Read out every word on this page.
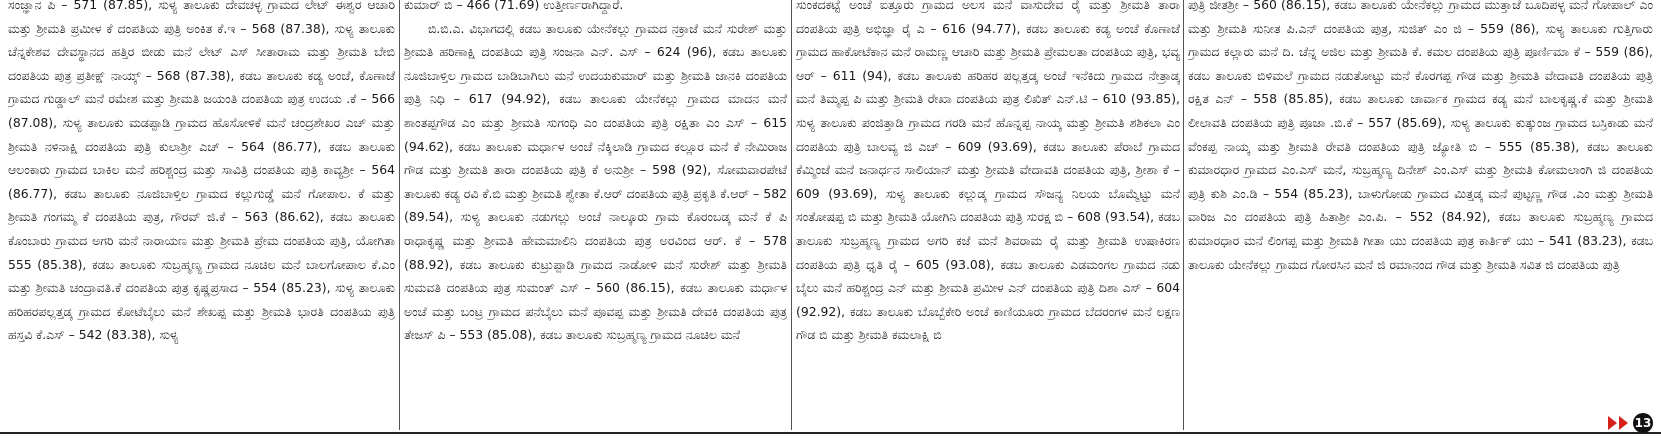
ಸಂಜ್ಞಾನ ಪಿ – 571 (87.85), ಸುಳ್ಯ ತಾಲೂಕು ದೇವಚಳ್ಳ ಗ್ರಾಮದ ಲೇಟ್ ಈಶ್ವರ ಆಚಾರಿ ಮತ್ತು ಶ್ರೀಮತಿ ಪ್ರಮೀಳ ಕೆ ದಂಪತಿಯ ಪುತ್ರಿ ಅಂಕಿತ ಕೆ.ಇ – 568 (87.38), ಸುಳ್ಯ ತಾಲೂಕು ಚೆನ್ನಕೇಶವ ದೇವಸ್ಥಾನದ ಹತ್ತಿರ ಬೀಡು ಮನೆ ಲೇಟ್ ಎಸ್ ಸೀತಾರಾಮ ಮತ್ತು ಶ್ರೀಮತಿ ಬೇಬಿ ದಂಪತಿಯ ಪುತ್ರ ಪ್ರತೀಕ್ಷ್ ನಾಯ್ಕ್ – 568 (87.38), ಕಡಬ ತಾಲೂಕು ಕಡ್ಯ ಅಂಚೆ, ಕೊಣಾಜೆ ಗ್ರಾಮದ ಗುಡ್ಡಾಲ್ ಮನೆ ರಮೇಶ ಮತ್ತು ಶ್ರೀಮತಿ ಜಯಂತಿ ದಂಪತಿಯ ಪುತ್ರ ಉದಯ .ಕೆ – 566 (87.08), ಸುಳ್ಯ ತಾಲೂಕು ಮಡಪ್ಪಾಡಿ ಗ್ರಾಮದ ಹೊಸೋಳಿಕೆ ಮನೆ ಚಂದ್ರಶೇಖರ ಎಚ್ ಮತ್ತು ಶ್ರೀಮತಿ ನಳಿನಾಕ್ಷಿ ದಂಪತಿಯ ಪುತ್ರಿ ಕುಲಾಶ್ರೀ ಎಚ್ – 564 (86.77), ಕಡಬ ತಾಲೂಕು ಆಲಂಕಾರು ಗ್ರಾಮದ ಬಾಕಿಲ ಮನೆ ಹರಿಶ್ಚಂದ್ರ ಮತ್ತು ಸಾವಿತ್ರಿ ದಂಪತಿಯ ಪುತ್ರಿ ಕಾವ್ಯಶ್ರೀ – 564 (86.77), ಕಡಬ ತಾಲೂಕು ನೂಜಿಬಾಳ್ತಿಲ ಗ್ರಾಮದ ಕಲ್ಲುಗುಡ್ಡೆ ಮನೆ ಗೋಪಾಲ. ಕೆ ಮತ್ತು ಶ್ರೀಮತಿ ಗಂಗಮ್ಮ ಕೆ ದಂಪತಿಯ ಪುತ್ರ, ಗೌರವ್ ಜಿ.ಕೆ – 563 (86.62), ಕಡಬ ತಾಲೂಕು ಕೊಂಬಾರು ಗ್ರಾಮದ ಅಗರಿ ಮನೆ ನಾರಾಯಣ ಮತ್ತು ಶ್ರೀಮತಿ ಪ್ರೇಮ ದಂಪತಿಯ ಪುತ್ರಿ, ಯೋಗಿತಾ 555 (85.38), ಕಡಬ ತಾಲೂಕು ಸುಬ್ರಹ್ಮಣ್ಯ ಗ್ರಾಮದ ನೂಚಿಲ ಮನೆ ಬಾಲಗೋಪಾಲ ಕೆ.ಎಂ ಮತ್ತು ಶ್ರೀಮತಿ ಚಂದ್ರಾವತಿ.ಕೆ ದಂಪತಿಯ ಪುತ್ರ ಕೃಷ್ಣಪ್ರಸಾದ – 554 (85.23), ಸುಳ್ಯ ತಾಲೂಕು ಹರಿಹರಪಲ್ಲತ್ತಡ್ಕ ಗ್ರಾಮದ ಕೋಟೆಬೈಲು ಮನೆ ಶೇಖಪ್ಪ ಮತ್ತು ಶ್ರೀಮತಿ ಭಾರತಿ ದಂಪತಿಯ ಪುತ್ರಿ ಹಸ್ತವಿ ಕೆ.ಎಸ್ – 542 (83.38), ಸುಳ್ಯ

ಕುಮಾರ್ ಬಿ – 466 (71.69) ಉತ್ತೀರ್ಣರಾಗಿದ್ದಾರೆ.

ಬಿ.ಬಿ.ಎ. ವಿಭಾಗದಲ್ಲಿ ಕಡಬ ತಾಲೂಕು ಯೇನೆಕಲ್ಲು ಗ್ರಾಮದ ನಕ್ರಾಜೆ ಮನೆ ಸುರೇಶ್ ಮತ್ತು ಶ್ರೀಮತಿ ಹರಿಣಾಕ್ಷಿ ದಂಪತಿಯ ಪುತ್ರಿ ಸಂಜನಾ ಎನ್. ಎಸ್ – 624 (96), ಕಡಬ ತಾಲೂಕು ನೂಜಿಬಾಳ್ತಿಲ ಗ್ರಾಮದ ಬಾಡಿಬಾಗಿಲು ಮನೆ ಉದಯಕುಮಾರ್ ಮತ್ತು ಶ್ರೀಮತಿ ಜಾನಕಿ ದಂಪತಿಯ ಪುತ್ರಿ ನಿಧಿ – 617 (94.92), ಕಡಬ ತಾಲೂಕು ಯೇನೆಕಲ್ಲು ಗ್ರಾಮದ ಮಾದನ ಮನೆ ಶಾಂತಪ್ಪಗೌಡ ಎಂ ಮತ್ತು ಶ್ರೀಮತಿ ಸುಗಂಧಿ ಎಂ ದಂಪತಿಯ ಪುತ್ರಿ ರಕ್ಷಿತಾ ಎಂ ಎಸ್ – 615 (94.62), ಕಡಬ ತಾಲೂಕು ಮರ್ಧಾಳ ಅಂಚೆ ನೆಕ್ಕಿಲಾಡಿ ಗ್ರಾಮದ ಕಲ್ಲೂರ ಮನೆ ಕೆ ನೇಮಿರಾಜ ಗೌಡ ಮತ್ತು ಶ್ರೀಮತಿ ತಾರಾ ದಂಪತಿಯ ಪುತ್ರಿ ಕೆ ಅನುಶ್ರೀ – 598 (92), ಸೋಮವಾರಪೇಟೆ ತಾಲೂಕು ಕಡ್ಯ ರವಿ ಕೆ.ಬಿ ಮತ್ತು ಶ್ರೀಮತಿ ಶ್ವೇತಾ ಕೆ.ಆರ್ ದಂಪತಿಯ ಪುತ್ರಿ ಪ್ರಕೃತಿ ಕೆ.ಆರ್ – 582 (89.54), ಸುಳ್ಯ ತಾಲೂಕು ನಡುಗಲ್ಲು ಅಂಚೆ ನಾಲ್ಕೂರು ಗ್ರಾಮ ಕೊರಂಬಡ್ಕ ಮನೆ ಕೆ ಪಿ ರಾಧಾಕೃಷ್ಣ ಮತ್ತು ಶ್ರೀಮತಿ ಹೇಮಮಾಲಿನಿ ದಂಪತಿಯ ಪುತ್ರ ಅರವಿಂದ ಆರ್. ಕೆ – 578 (88.92), ಕಡಬ ತಾಲೂಕು ಕುಟ್ರುಪ್ಪಾಡಿ ಗ್ರಾಮದ ನಾಡೋಳಿ ಮನೆ ಸುರೇಶ್ ಮತ್ತು ಶ್ರೀಮತಿ ಸುಮವತಿ ದಂಪತಿಯ ಪುತ್ರ ಸುಮಂತ್ ಎಸ್ – 560 (86.15), ಕಡಬ ತಾಲೂಕು ಮರ್ಧಾಳ ಅಂಚೆ ಮತ್ತು ಬಂಟ್ರ ಗ್ರಾಮದ ಪನೆಬೈಲು ಮನೆ ಪೂವಪ್ಪ ಮತ್ತು ಶ್ರೀಮತಿ ದೇವಕಿ ದಂಪತಿಯ ಪುತ್ರ ತೇಜಸ್ ಪಿ – 553 (85.08), ಕಡಬ ತಾಲೂಕು ಸುಬ್ರಹ್ಮಣ್ಯ ಗ್ರಾಮದ ನೂಚಿಲ ಮನೆ

ಸುಂಕದಕಟ್ಟೆ ಅಂಚೆ ಐತ್ತೂರು ಗ್ರಾಮದ ಅಲಸ ಮನೆ ವಾಸುದೇವ ರೈ ಮತ್ತು ಶ್ರೀಮತಿ ತಾರಾ ದಂಪತಿಯ ಪುತ್ರಿ ಅಭಿಜ್ಞಾ ರೈ ಎ – 616 (94.77), ಕಡಬ ತಾಲೂಕು ಕಡ್ಯ ಅಂಚೆ ಕೊಣಾಜೆ ಗ್ರಾಮದ ಹಾಕೋಟೆಕಾನ ಮನೆ ರಾಮಣ್ಣ ಆಚಾರಿ ಮತ್ತು ಶ್ರೀಮತಿ ಪ್ರೇಮಲತಾ ದಂಪತಿಯ ಪುತ್ರಿ, ಭವ್ಯ ಆರ್ – 611 (94), ಕಡಬ ತಾಲೂಕು ಹರಿಹರ ಪಲ್ಲತ್ತಡ್ಕ ಅಂಚೆ ಇನೆಕಿದು ಗ್ರಾಮದ ನೇತ್ರಾಡ್ಕ ಮನೆ ತಿಮ್ಮಪ್ಪ ಪಿ ಮತ್ತು ಶ್ರೀಮತಿ ರೇಖಾ ದಂಪತಿಯ ಪುತ್ರ ಲಿಖಿತ್ ಎನ್.ಟಿ – 610 (93.85), ಸುಳ್ಯ ತಾಲೂಕು ಪಂಜಿತ್ತಾಡಿ ಗ್ರಾಮದ ಗರಡಿ ಮನೆ ಹೊನ್ನಪ್ಪ ನಾಯ್ಕ ಮತ್ತು ಶ್ರೀಮತಿ ಶಶಿಕಲಾ ಎಂ ದಂಪತಿಯ ಪುತ್ರಿ ಬಾಲವ್ಯ ಜಿ ಎಚ್ – 609 (93.69), ಕಡಬ ತಾಲೂಕು ಪೆರಾಬೆ ಗ್ರಾಮದ ಕೆಮ್ಮಿಂಜೆ ಮನೆ ಜನಾರ್ಧನ ಸಾಲಿಯಾನ್ ಮತ್ತು ಶ್ರೀಮತಿ ವೇದಾವತಿ ದಂಪತಿಯ ಪುತ್ರಿ, ಶ್ರೀಶಾ ಕೆ – 609 (93.69), ಸುಳ್ಯ ತಾಲೂಕು ಕಲ್ಲುಡ್ಕ ಗ್ರಾಮದ ಸೌಜನ್ಯ ನಿಲಯ ಬೊಮ್ಮೆಟ್ಟು ಮನೆ ಸಂತೋಷಪ್ಪ ಬಿ ಮತ್ತು ಶ್ರೀಮತಿ ಯೋಗಿನಿ ದಂಪತಿಯ ಪುತ್ರಿ ಸುರಕ್ಷ ಬಿ – 608 (93.54), ಕಡಬ ತಾಲೂಕು ಸುಬ್ರಹ್ಮಣ್ಯ ಗ್ರಾಮದ ಅಗರಿ ಕಜೆ ಮನೆ ಶಿವರಾಮ ರೈ ಮತ್ತು ಶ್ರೀಮತಿ ಉಷಾಕಿರಣ ದಂಪತಿಯ ಪುತ್ರಿ ಧೃತಿ ರೈ – 605 (93.08), ಕಡಬ ತಾಲೂಕು ಎಡಮಂಗಲ ಗ್ರಾಮದ ನಡು ಬೈಲು ಮನೆ ಹರಿಶ್ಚಂದ್ರ ಎನ್ ಮತ್ತು ಶ್ರೀಮತಿ ಪ್ರಮೀಳ ಎನ್ ದಂಪತಿಯ ಪುತ್ರಿ ದಿಶಾ ಎಸ್ – 604 (92.92), ಕಡಬ ತಾಲೂಕು ಬೊಬ್ಬೆಕೇರಿ ಅಂಚೆ ಕಾಣಿಯೂರು ಗ್ರಾಮದ ಬೆದರಂಗಳ ಮನೆ ಲಕ್ಷಣ ಗೌಡ ಬಿ ಮತ್ತು ಶ್ರೀಮತಿ ಕಮಲಾಕ್ಷಿ ಬಿ

ಪುತ್ರಿ ಜೀತಶ್ರೀ – 560 (86.15), ಕಡಬ ತಾಲೂಕು ಯೇನೆಕಲ್ಲು ಗ್ರಾಮದ ಮುತ್ತಾಜೆ ಬೂದಿಪಳ್ಳ ಮನೆ ಗೋಪಾಲ್ ಎಂ ಮತ್ತು ಶ್ರೀಮತಿ ಸುನೀತ ಪಿ.ಎನ್ ದಂಪತಿಯ ಪುತ್ರ, ಸುಜಿತ್ ಎಂ ಜಿ – 559 (86), ಸುಳ್ಯ ತಾಲೂಕು ಗುತ್ತಿಗಾರು ಗ್ರಾಮದ ಕಲ್ಲಾರು ಮನೆ ದಿ. ಚೆನ್ನ ಅಜಿಲ ಮತ್ತು ಶ್ರೀಮತಿ ಕೆ. ಕಮಲ ದಂಪತಿಯ ಪುತ್ರಿ ಪೂರ್ಣಿಮಾ ಕೆ – 559 (86), ಕಡಬ ತಾಲೂಕು ಬಿಳಿಮಲೆ ಗ್ರಾಮದ ನಡುತೋಟ್ಟು ಮನೆ ಕೊರಗಪ್ಪ ಗೌಡ ಮತ್ತು ಶ್ರೀಮತಿ ವೇದಾವತಿ ದಂಪತಿಯ ಪುತ್ರಿ ರಕ್ಷಿತ ಎನ್ – 558 (85.85), ಕಡಬ ತಾಲೂಕು ಚಾರ್ವಾಕ ಗ್ರಾಮದ ಕಡ್ಯ ಮನೆ ಬಾಲಕೃಷ್ಣ.ಕೆ ಮತ್ತು ಶ್ರೀಮತಿ ಲೀಲಾವತಿ ದಂಪತಿಯ ಪುತ್ರಿ ಪೂಜಾ .ಬಿ.ಕೆ – 557 (85.69), ಸುಳ್ಯ ತಾಲೂಕು ಕುತ್ಕುಂಜ ಗ್ರಾಮದ ಬಸ್ರಿಕಾಡು ಮನೆ ವೆಂಕಪ್ಪ ನಾಯ್ಕ ಮತ್ತು ಶ್ರೀಮತಿ ರೇವತಿ ದಂಪತಿಯ ಪುತ್ರಿ ಜ್ಯೋತಿ ಬಿ – 555 (85.38), ಕಡಬ ತಾಲೂಕು ಕುಮಾರಧಾರ ಗ್ರಾಮದ ಎಂ.ಎಸ್ ಮನೆ, ಸುಬ್ರಹ್ಮಣ್ಯ ದಿನೇಶ್ ಎಂ.ಎಸ್ ಮತ್ತು ಶ್ರೀಮತಿ ಕೋಮಲಾಂಗಿ ಜಿ ದಂಪತಿಯ ಪುತ್ರಿ ಕುಶಿ ಎಂ.ಡಿ – 554 (85.23), ಬಾಳುಗೋಡು ಗ್ರಾಮದ ಮಿತ್ತಡ್ಕ ಮನೆ ಪುಟ್ಟಣ್ಣ ಗೌಡ .ಎಂ ಮತ್ತು ಶ್ರೀಮತಿ ವಾರಿಜ ಎಂ ದಂಪತಿಯ ಪುತ್ರಿ ಹಿತಾಶ್ರೀ ಎಂ.ಪಿ. – 552 (84.92), ಕಡಬ ತಾಲೂಕು ಸುಬ್ರಹ್ಮಣ್ಯ ಗ್ರಾಮದ ಕುಮಾರಧಾರ ಮನೆ ಲಿಂಗಪ್ಪ ಮತ್ತು ಶ್ರೀಮತಿ ಗೀತಾ ಯು ದಂಪತಿಯ ಪುತ್ರ ಕಾರ್ತಿಕ್ ಯು – 541 (83.23), ಕಡಬ ತಾಲೂಕು ಯೇನೆಕಲ್ಲು ಗ್ರಾಮದ ಗೋರಸಿನ ಮನೆ ಜಿ ರಮಾನಂದ ಗೌಡ ಮತ್ತು ಶ್ರೀಮತಿ ಸವಿತ ಜಿ ದಂಪತಿಯ ಪುತ್ರಿ

13
